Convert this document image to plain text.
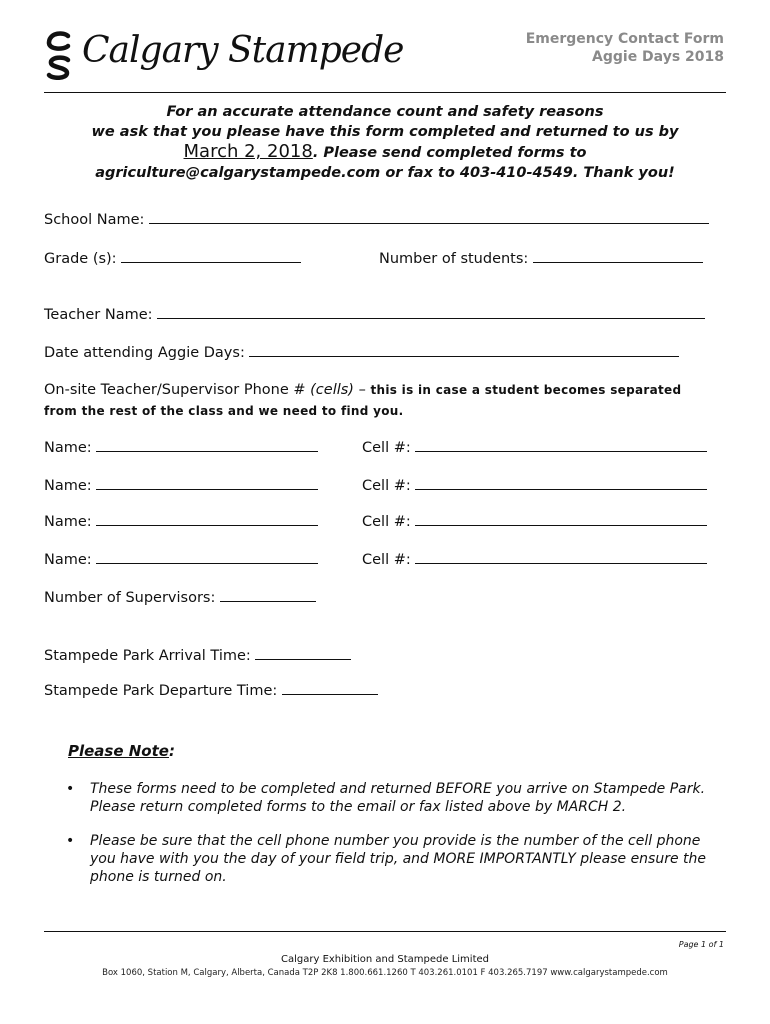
Calgary Stampede	Emergency Contact Form
Aggie Days 2018
For an accurate attendance count and safety reasons
we ask that you please have this form completed and returned to us by
March 2, 2018. Please send completed forms to
agriculture@calgarystampede.com or fax to 403-410-4549. Thank you!
School Name:
Grade (s):	Number of students:
Teacher Name:
Date attending Aggie Days:
On-site Teacher/Supervisor Phone # (cells) – this is in case a student becomes separated
from the rest of the class and we need to find you.
Name:	Cell #:
Name:	Cell #:
Name:	Cell #:
Name:	Cell #:
Number of Supervisors:
Stampede Park Arrival Time:
Stampede Park Departure Time:
Please Note:
• These forms need to be completed and returned BEFORE you arrive on Stampede Park. Please return completed forms to the email or fax listed above by MARCH 2.
• Please be sure that the cell phone number you provide is the number of the cell phone you have with you the day of your field trip, and MORE IMPORTANTLY please ensure the phone is turned on.
Page 1 of 1
Calgary Exhibition and Stampede Limited
Box 1060, Station M, Calgary, Alberta, Canada T2P 2K8 1.800.661.1260 T 403.261.0101 F 403.265.7197 www.calgarystampede.com
